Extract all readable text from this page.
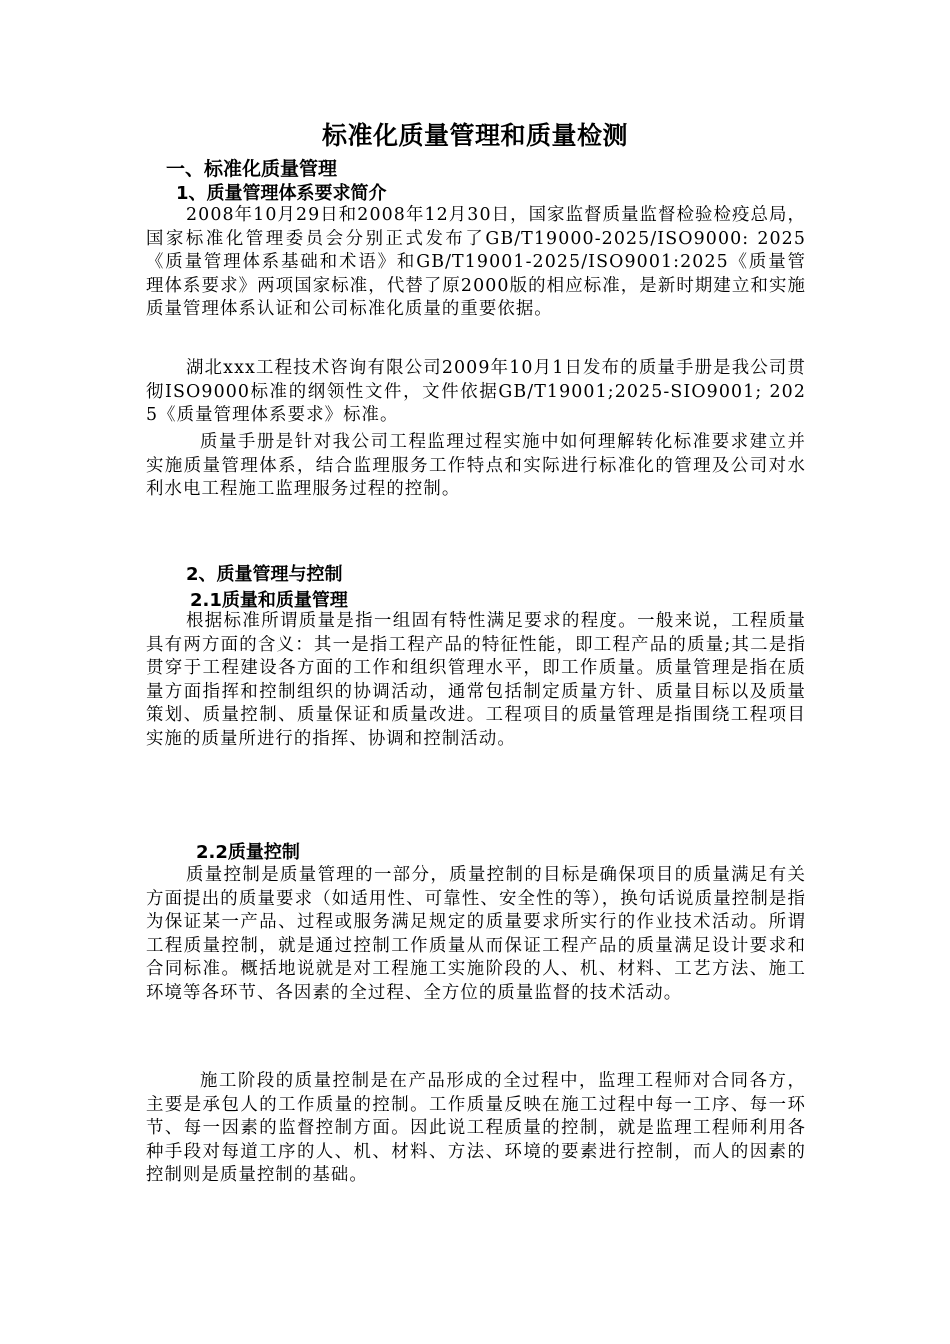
标准化质量管理和质量检测
一、标准化质量管理
1、质量管理体系要求简介
2008年10月29日和2008年12月30日，国家监督质量监督检验检疫总局，国家标准化管理委员会分别正式发布了GB/T19000-2025/ISO9000: 2025《质量管理体系基础和术语》和GB/T19001-2025/ISO9001:2025《质量管理体系要求》两项国家标准，代替了原2000版的相应标准，是新时期建立和实施质量管理体系认证和公司标准化质量的重要依据。
湖北xxx工程技术咨询有限公司2009年10月1日发布的质量手册是我公司贯彻ISO9000标准的纲领性文件，文件依据GB/T19001;2025-SIO9001; 2025《质量管理体系要求》标准。
质量手册是针对我公司工程监理过程实施中如何理解转化标准要求建立并实施质量管理体系，结合监理服务工作特点和实际进行标准化的管理及公司对水利水电工程施工监理服务过程的控制。
2、质量管理与控制
2.1质量和质量管理
根据标准所谓质量是指一组固有特性满足要求的程度。一般来说，工程质量具有两方面的含义：其一是指工程产品的特征性能，即工程产品的质量;其二是指贯穿于工程建设各方面的工作和组织管理水平，即工作质量。质量管理是指在质量方面指挥和控制组织的协调活动，通常包括制定质量方针、质量目标以及质量策划、质量控制、质量保证和质量改进。工程项目的质量管理是指围绕工程项目实施的质量所进行的指挥、协调和控制活动。
2.2质量控制
质量控制是质量管理的一部分，质量控制的目标是确保项目的质量满足有关方面提出的质量要求（如适用性、可靠性、安全性的等），换句话说质量控制是指为保证某一产品、过程或服务满足规定的质量要求所实行的作业技术活动。所谓工程质量控制，就是通过控制工作质量从而保证工程产品的质量满足设计要求和合同标准。概括地说就是对工程施工实施阶段的人、机、材料、工艺方法、施工环境等各环节、各因素的全过程、全方位的质量监督的技术活动。
施工阶段的质量控制是在产品形成的全过程中，监理工程师对合同各方，主要是承包人的工作质量的控制。工作质量反映在施工过程中每一工序、每一环节、每一因素的监督控制方面。因此说工程质量的控制，就是监理工程师利用各种手段对每道工序的人、机、材料、方法、环境的要素进行控制，而人的因素的控制则是质量控制的基础。
